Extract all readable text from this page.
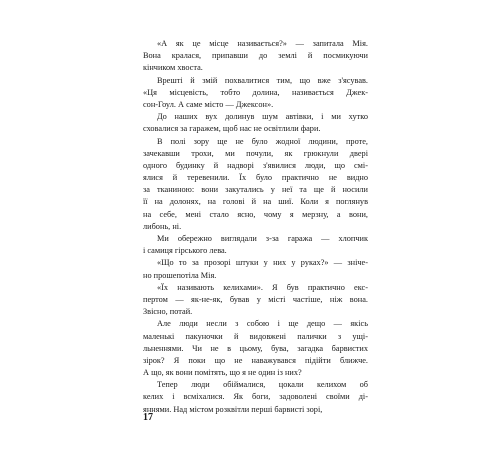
«А як це місце називається?» — запитала Мія.
Вона кралася, припавши до землі й посмикуючи
кінчиком хвоста.
Врешті й змій похвалитися тим, що вже з'ясував.
«Ця місцевість, тобто долина, називається Джек-
сон-Гоул. А саме місто — Джексон».
До наших вух долинув шум автівки, і ми хутко
сховалися за гаражем, щоб нас не освітлили фари.
В полі зору ще не було жодної людини, проте,
зачекавши трохи, ми почули, як грюкнули двері
одного будинку й надворі з'явилися люди, що смі-
ялися й теревенили. Їх було практично не видно
за тканиною: вони закутались у неї та ще й носили
її на долонях, на голові й на шиї. Коли я поглянув
на себе, мені стало ясно, чому я мерзну, а вони,
либонь, ні.
Ми обережно виглядали з-за гаража — хлопчик
і самиця гірського лева.
«Що то за прозорі штуки у них у руках?» — зніче-
но прошепотіла Мія.
«Їх називають келихами». Я був практично екс-
пертом — як-не-як, бував у місті частіше, ніж вона.
Звісно, потай.
Але люди несли з собою і ще дещо — якісь
маленькі пакуночки й видовжені палички з ущі-
льненнями. Чи не в цьому, бува, загадка барвистих
зірок? Я поки що не наважувався підійти ближче.
А що, як вони помітять, що я не один із них?
Тепер люди обіймалися, цокали келихом об
келих і всміхалися. Як боги, задоволені своїми ді-
яннями. Над містом розквітли перші барвисті зорі,
17
